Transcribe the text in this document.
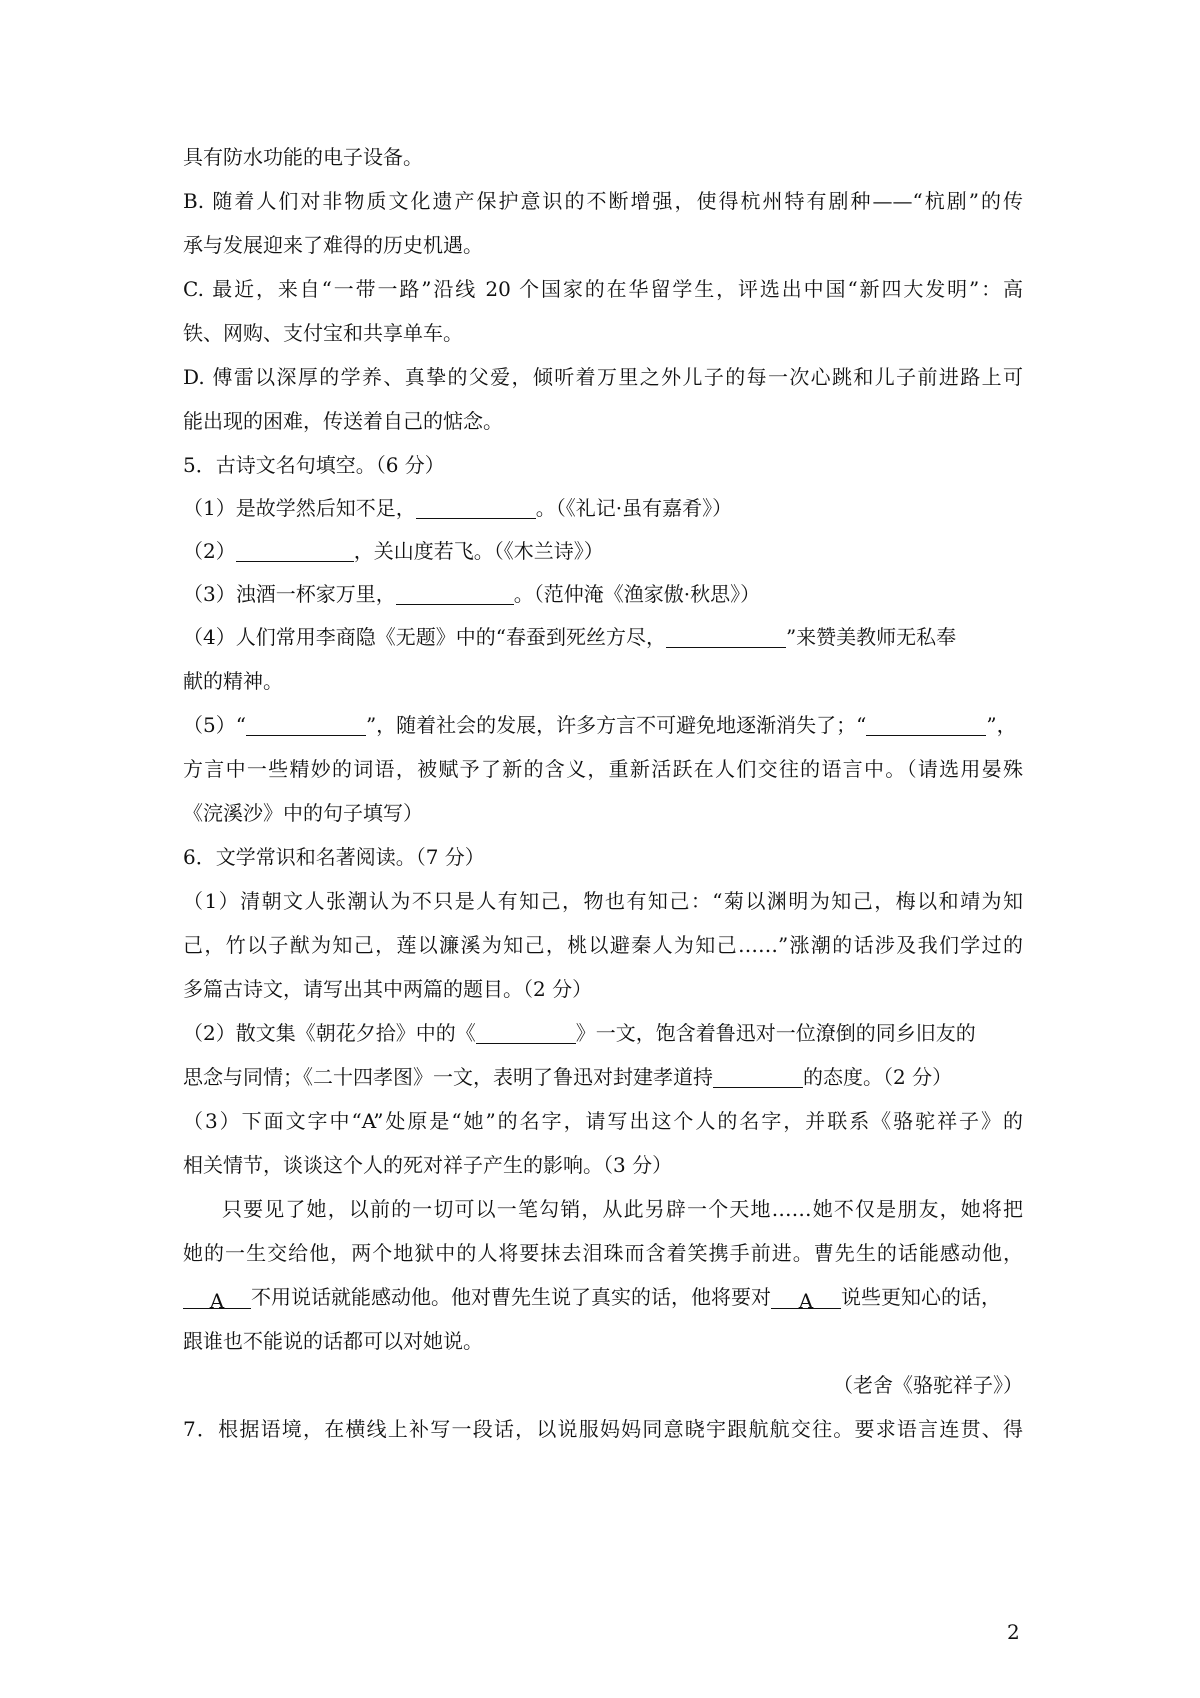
具有防水功能的电子设备。
B. 随着人们对非物质文化遗产保护意识的不断增强，使得杭州特有剧种——“杭剧”的传
承与发展迎来了难得的历史机遇。
C. 最近，来自“一带一路”沿线 20 个国家的在华留学生，评选出中国“新四大发明”：高
铁、网购、支付宝和共享单车。
D. 傅雷以深厚的学养、真挚的父爱，倾听着万里之外儿子的每一次心跳和儿子前进路上可
能出现的困难，传送着自己的惦念。
5．古诗文名句填空。（6 分）
（1）是故学然后知不足，	。（《礼记·虽有嘉肴》）
（2）	，关山度若飞。（《木兰诗》）
（3）浊酒一杯家万里，	。（范仲淹《渔家傲·秋思》）
（4）人们常用李商隐《无题》中的“春蚕到死丝方尽，	”来赞美教师无私奉
献的精神。
（5）“	”，随着社会的发展，许多方言不可避免地逐渐消失了；“	”，
方言中一些精妙的词语，被赋予了新的含义，重新活跃在人们交往的语言中。（请选用晏殊
《浣溪沙》中的句子填写）
6．文学常识和名著阅读。（7 分）
（1）清朝文人张潮认为不只是人有知己，物也有知己：“菊以渊明为知己，梅以和靖为知
己，竹以子猷为知己，莲以濂溪为知己，桃以避秦人为知己……”涨潮的话涉及我们学过的
多篇古诗文，请写出其中两篇的题目。（2 分）
（2）散文集《朝花夕拾》中的《	》一文，饱含着鲁迅对一位潦倒的同乡旧友的
思念与同情；《二十四孝图》一文，表明了鲁迅对封建孝道持	的态度。（2 分）
（3）下面文字中“A”处原是“她”的名字，请写出这个人的名字，并联系《骆驼祥子》的
相关情节，谈谈这个人的死对祥子产生的影响。（3 分）
只要见了她，以前的一切可以一笔勾销，从此另辟一个天地……她不仅是朋友，她将把
她的一生交给他，两个地狱中的人将要抹去泪珠而含着笑携手前进。曹先生的话能感动他，
A 不用说话就能感动他。他对曹先生说了真实的话，他将要对 A 说些更知心的话，
跟谁也不能说的话都可以对她说。
（老舍《骆驼祥子》）
7．根据语境，在横线上补写一段话，以说服妈妈同意晓宇跟航航交往。要求语言连贯、得
2
